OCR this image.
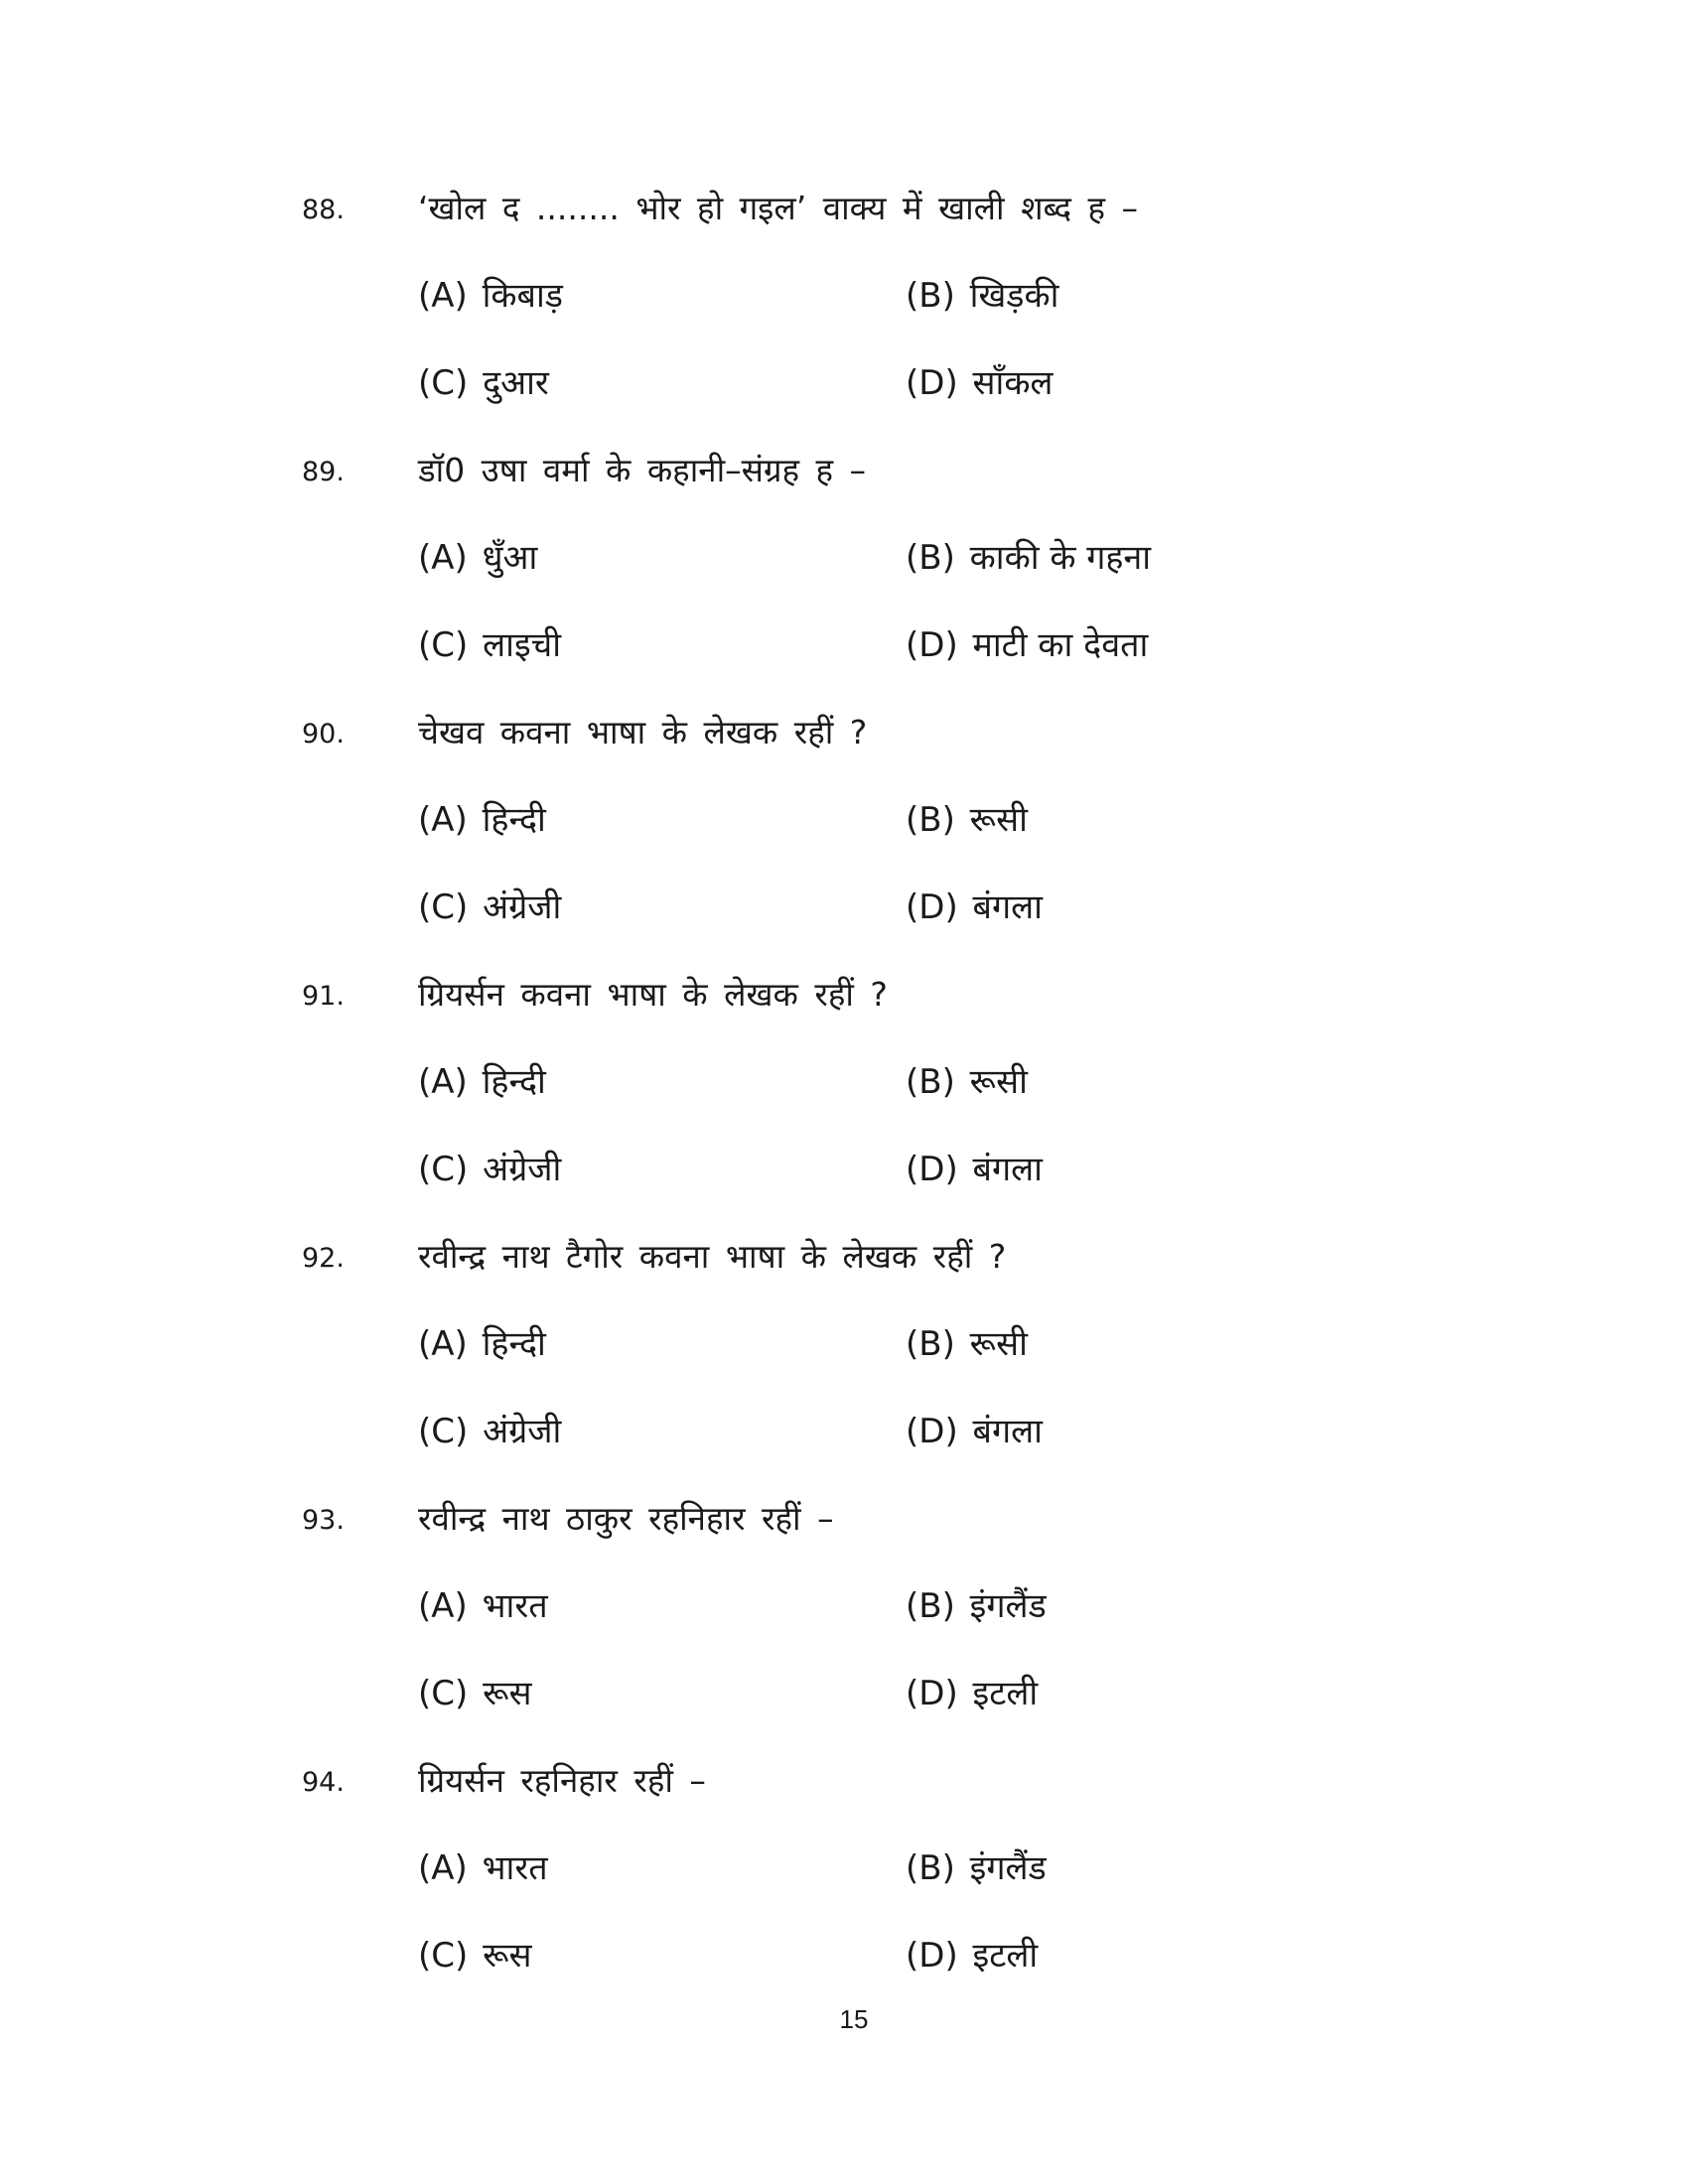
88. ‘खोल द ........ भोर हो गइल’ वाक्य में खाली शब्द ह –
(A) किबाड़	(B) खिड़की
(C) दुआर	(D) साँकल
89. डॉ0 उषा वर्मा के कहानी–संग्रह ह –
(A) धुँआ	(B) काकी के गहना
(C) लाइची	(D) माटी का देवता
90. चेखव कवना भाषा के लेखक रहीं ?
(A) हिन्दी	(B) रूसी
(C) अंग्रेजी	(D) बंगला
91. ग्रियर्सन कवना भाषा के लेखक रहीं ?
(A) हिन्दी	(B) रूसी
(C) अंग्रेजी	(D) बंगला
92. रवीन्द्र नाथ टैगोर कवना भाषा के लेखक रहीं ?
(A) हिन्दी	(B) रूसी
(C) अंग्रेजी	(D) बंगला
93. रवीन्द्र नाथ ठाकुर रहनिहार रहीं –
(A) भारत	(B) इंगलैंड
(C) रूस	(D) इटली
94. ग्रियर्सन रहनिहार रहीं –
(A) भारत	(B) इंगलैंड
(C) रूस	(D) इटली
15
